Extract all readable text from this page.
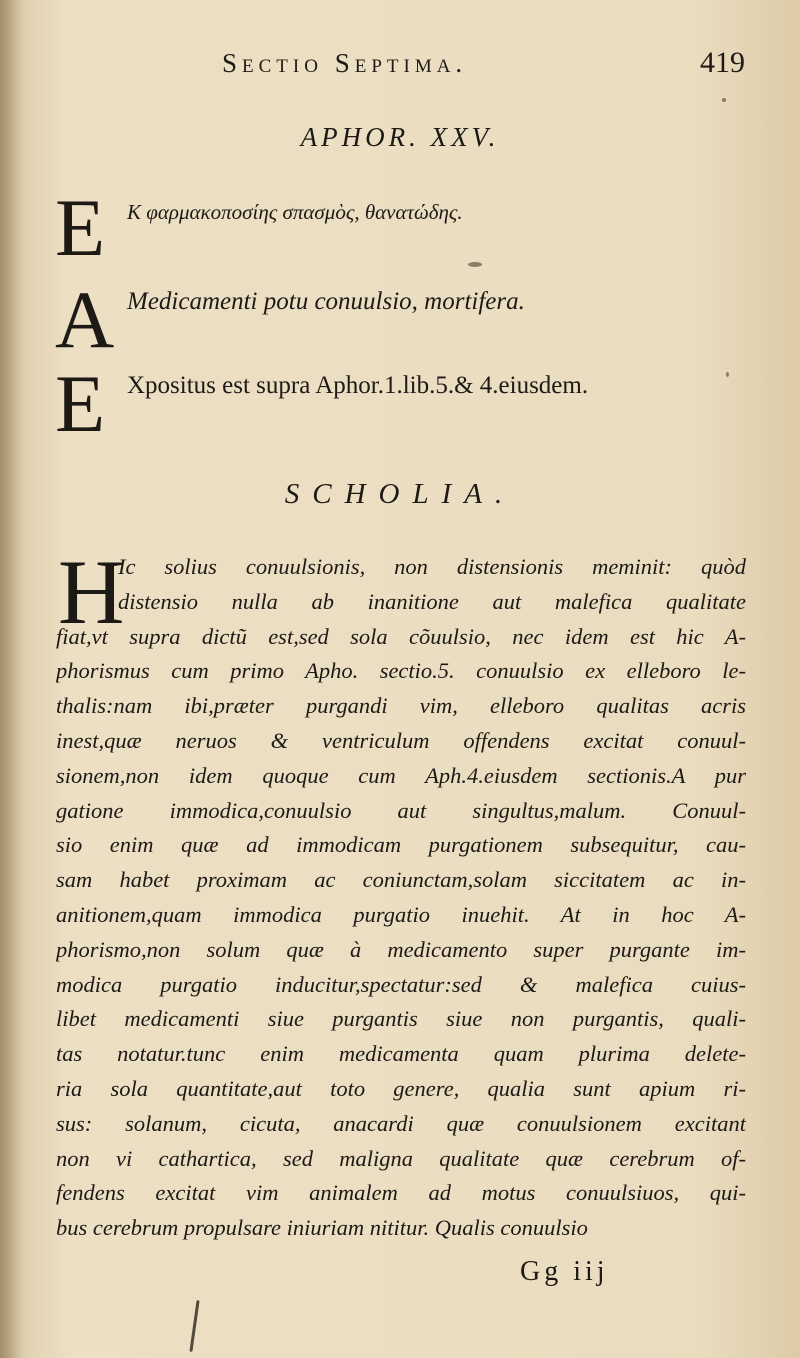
Sectio Septima.	419
APHOR. XXV.
E Κ φαρμακοποσίης σπασμὸς, θανατώδης.
A Medicamenti potu conuulsio, mortifera.
E Xpositus est supra Aphor.1.lib.5.& 4.eiusdem.
SCHOLIA.
H
Ic solius conuulsionis, non distensionis meminit: quòd
distensio nulla ab inanitione aut malefica qualitate
fiat,vt supra dictũ est,sed sola cõuulsio, nec idem est hic A-
phorismus cum primo Apho. sectio.5. conuulsio ex elleboro le-
thalis:nam ibi,præter purgandi vim, elleboro qualitas acris
inest,quæ neruos & ventriculum offendens excitat conuul-
sionem,non idem quoque cum Aph.4.eiusdem sectionis.A pur
gatione immodica,conuulsio aut singultus,malum. Conuul-
sio enim quæ ad immodicam purgationem subsequitur, cau-
sam habet proximam ac coniunctam,solam siccitatem ac in-
anitionem,quam immodica purgatio inuehit. At in hoc A-
phorismo,non solum quæ à medicamento super purgante im-
modica purgatio inducitur,spectatur:sed & malefica cuius-
libet medicamenti siue purgantis siue non purgantis, quali-
tas notatur.tunc enim medicamenta quam plurima delete-
ria sola quantitate,aut toto genere, qualia sunt apium ri-
sus: solanum, cicuta, anacardi quæ conuulsionem excitant
non vi cathartica, sed maligna qualitate quæ cerebrum of-
fendens excitat vim animalem ad motus conuulsiuos, qui-
bus cerebrum propulsare iniuriam nititur. Qualis conuulsio
Gg iij
